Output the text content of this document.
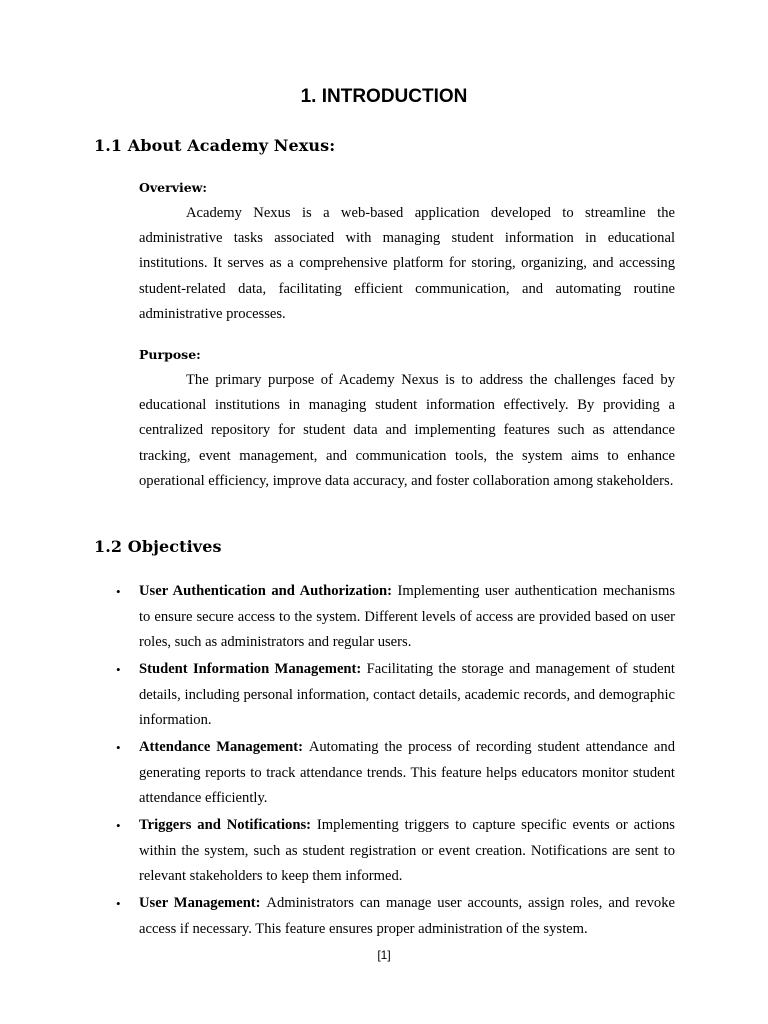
1. INTRODUCTION
1.1 About Academy Nexus:
Overview:

Academy Nexus is a web-based application developed to streamline the administrative tasks associated with managing student information in educational institutions. It serves as a comprehensive platform for storing, organizing, and accessing student-related data, facilitating efficient communication, and automating routine administrative processes.

Purpose:

The primary purpose of Academy Nexus is to address the challenges faced by educational institutions in managing student information effectively. By providing a centralized repository for student data and implementing features such as attendance tracking, event management, and communication tools, the system aims to enhance operational efficiency, improve data accuracy, and foster collaboration among stakeholders.

1.2 Objectives
• User Authentication and Authorization: Implementing user authentication mechanisms to ensure secure access to the system. Different levels of access are provided based on user roles, such as administrators and regular users.
• Student Information Management: Facilitating the storage and management of student details, including personal information, contact details, academic records, and demographic information.
• Attendance Management: Automating the process of recording student attendance and generating reports to track attendance trends. This feature helps educators monitor student attendance efficiently.
• Triggers and Notifications: Implementing triggers to capture specific events or actions within the system, such as student registration or event creation. Notifications are sent to relevant stakeholders to keep them informed.
• User Management: Administrators can manage user accounts, assign roles, and revoke access if necessary. This feature ensures proper administration of the system.

[1]
